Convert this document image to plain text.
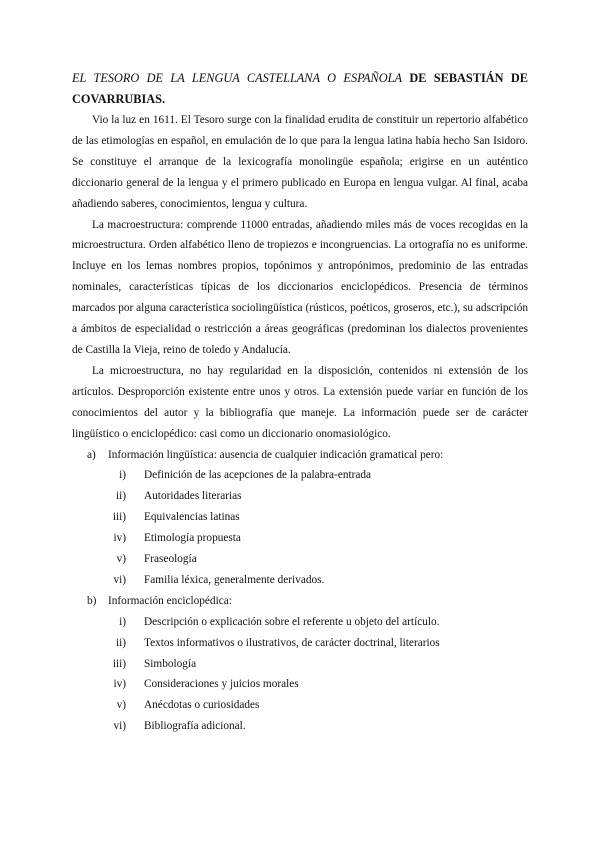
EL TESORO DE LA LENGUA CASTELLANA O ESPAÑOLA DE SEBASTIÁN DE COVARRUBIAS.

Vio la luz en 1611. El Tesoro surge con la finalidad erudita de constituir un repertorio alfabético de las etimologías en español, en emulación de lo que para la lengua latina había hecho San Isidoro. Se constituye el arranque de la lexicografía monolingüe española; erigirse en un auténtico diccionario general de la lengua y el primero publicado en Europa en lengua vulgar. Al final, acaba añadiendo saberes, conocimientos, lengua y cultura.

La macroestructura: comprende 11000 entradas, añadiendo miles más de voces recogidas en la microestructura. Orden alfabético lleno de tropiezos e incongruencias. La ortografía no es uniforme. Incluye en los lemas nombres propios, topónimos y antropónimos, predominio de las entradas nominales, características típicas de los diccionarios enciclopédicos. Presencia de términos marcados por alguna característica sociolingüística (rústicos, poéticos, groseros, etc.), su adscripción a ámbitos de especialidad o restricción a áreas geográficas (predominan los dialectos provenientes de Castilla la Vieja, reino de toledo y Andalucía.

La microestructura, no hay regularidad en la disposición, contenidos ni extensión de los artículos. Desproporción existente entre unos y otros. La extensión puede variar en función de los conocimientos del autor y la bibliografía que maneje. La información puede ser de carácter lingüístico o enciclopédico: casi como un diccionario onomasiológico.

a)	Información lingüística: ausencia de cualquier indicación gramatical pero:
i)	Definición de las acepciones de la palabra-entrada
ii)	Autoridades literarias
iii)	Equivalencias latinas
iv)	Etimología propuesta
v)	Fraseología
vi)	Familia léxica, generalmente derivados.
b)	Información enciclopédica:
i)	Descripción o explicación sobre el referente u objeto del artículo.
ii)	Textos informativos o ilustrativos, de carácter doctrinal, literarios
iii)	Simbología
iv)	Consideraciones y juicios morales
v)	Anécdotas o curiosidades
vi)	Bibliografía adicional.
